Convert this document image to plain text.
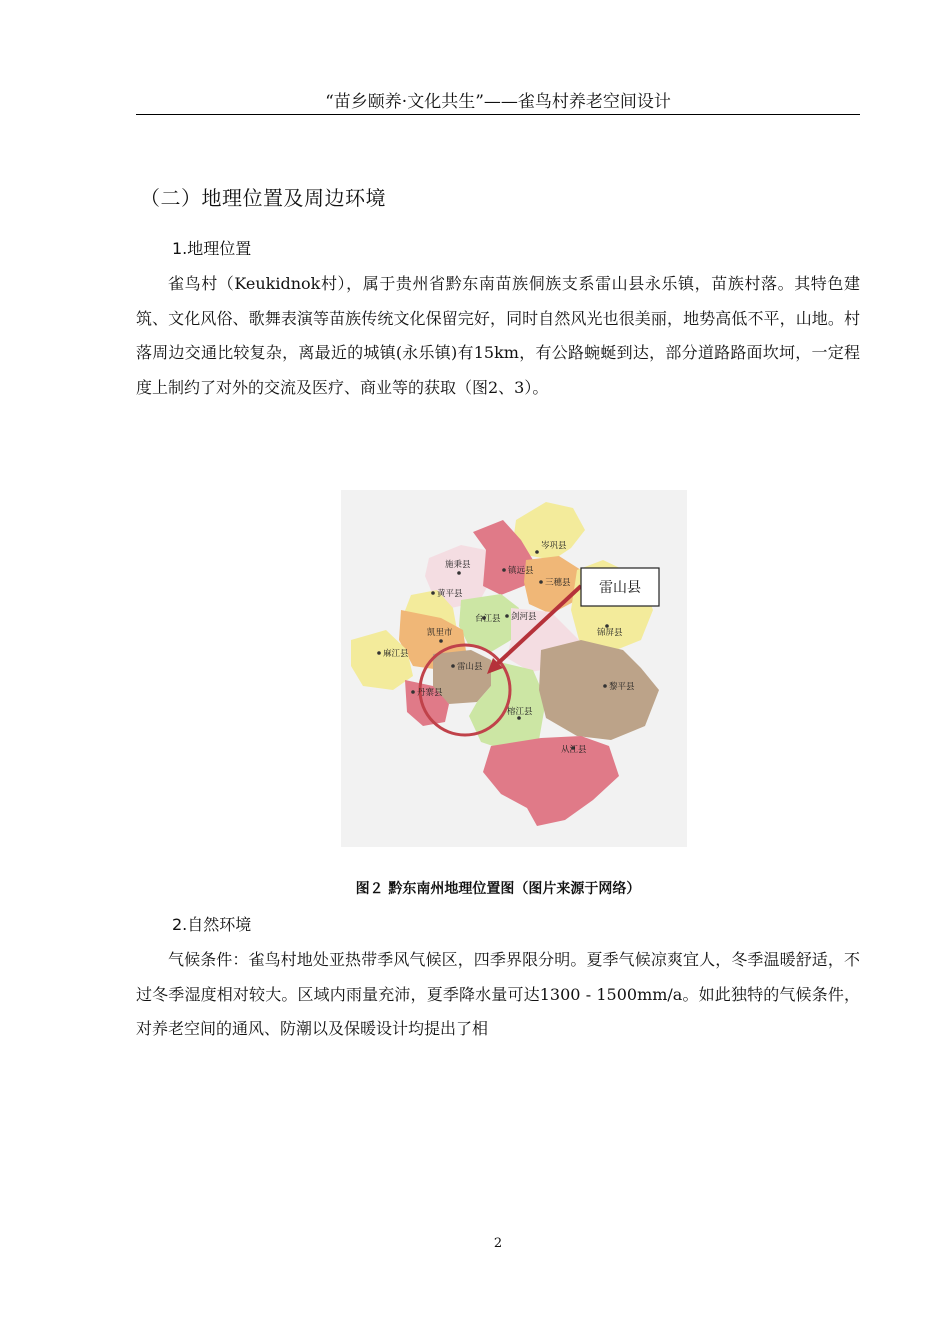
“苗乡颐养·文化共生”——雀鸟村养老空间设计
（二）地理位置及周边环境
1.地理位置

雀鸟村（Keukidnok村），属于贵州省黔东南苗族侗族支系雷山县永乐镇，苗族村落。其特色建筑、文化风俗、歌舞表演等苗族传统文化保留完好，同时自然风光也很美丽，地势高低不平，山地。村落周边交通比较复杂，离最近的城镇(永乐镇)有15km，有公路蜿蜒到达，部分道路路面坎坷，一定程度上制约了对外的交流及医疗、商业等的获取（图2、3）。

雷山县
岑巩县
施秉县
镇远县
三穗县
黄平县
剑河县
台江县
凯里市	锦屏县
麻江县
雷山县
丹寨县
黎平县
榕江县
从江县
图２ 黔东南州地理位置图（图片来源于网络）
2.自然环境

气候条件：雀鸟村地处亚热带季风气候区，四季界限分明。夏季气候凉爽宜人，冬季温暖舒适，不过冬季湿度相对较大。区域内雨量充沛，夏季降水量可达1300 - 1500mm/a。如此独特的气候条件，对养老空间的通风、防潮以及保暖设计均提出了相

2
